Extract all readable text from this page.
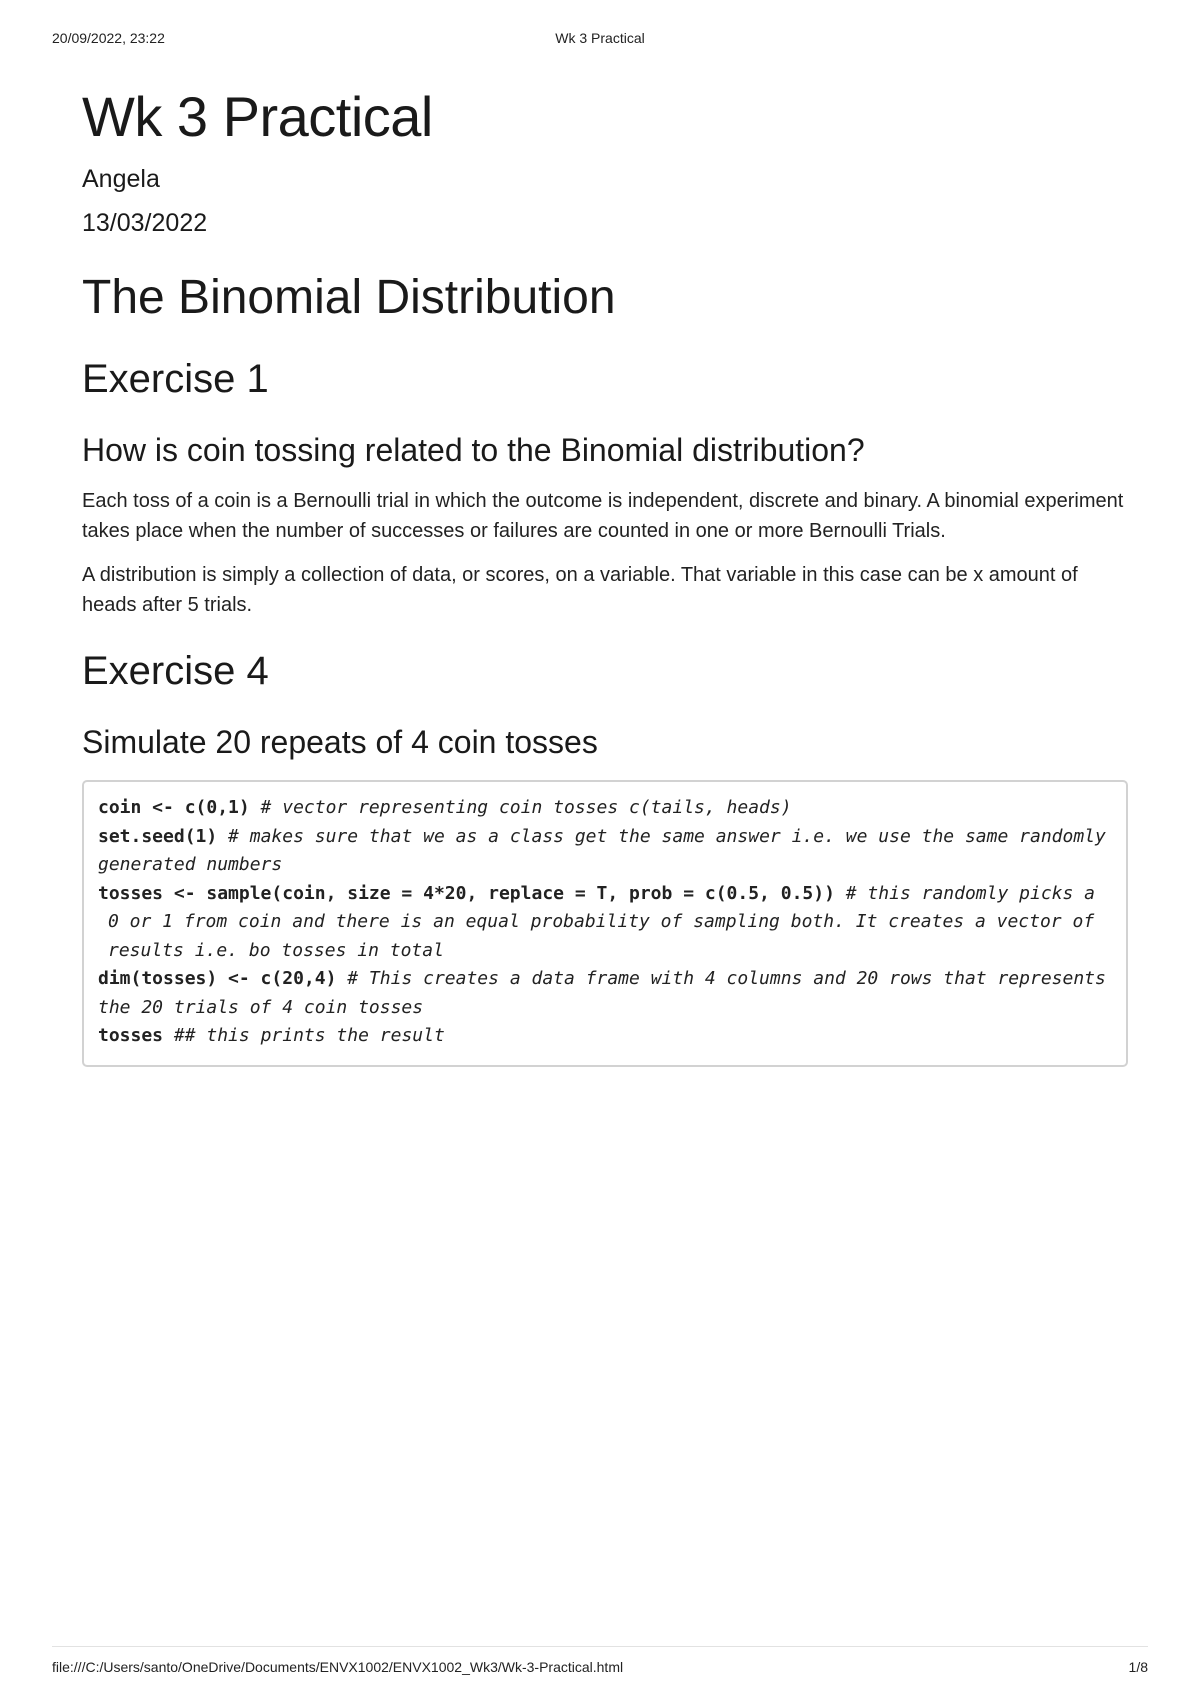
20/09/2022, 23:22	Wk 3 Practical
Wk 3 Practical

Angela

13/03/2022

The Binomial Distribution
Exercise 1
How is coin tossing related to the Binomial distribution?

Each toss of a coin is a Bernoulli trial in which the outcome is independent, discrete and binary. A binomial experiment takes place when the number of successes or failures are counted in one or more Bernoulli Trials.

A distribution is simply a collection of data, or scores, on a variable. That variable in this case can be x amount of heads after 5 trials.

Exercise 4
Simulate 20 repeats of 4 coin tosses
coin <- c(0,1) # vector representing coin tosses c(tails, heads)
set.seed(1) # makes sure that we as a class get the same answer i.e. we use the same randomly generated numbers
tosses <- sample(coin, size = 4*20, replace = T, prob = c(0.5, 0.5)) # this randomly picks a
0 or 1 from coin and there is an equal probability of sampling both. It creates a vector of
results i.e. bo tosses in total
dim(tosses) <- c(20,4) # This creates a data frame with 4 columns and 20 rows that represents the 20 trials of 4 coin tosses
tosses ## this prints the result
file:///C:/Users/santo/OneDrive/Documents/ENVX1002/ENVX1002_Wk3/Wk-3-Practical.html	1/8
